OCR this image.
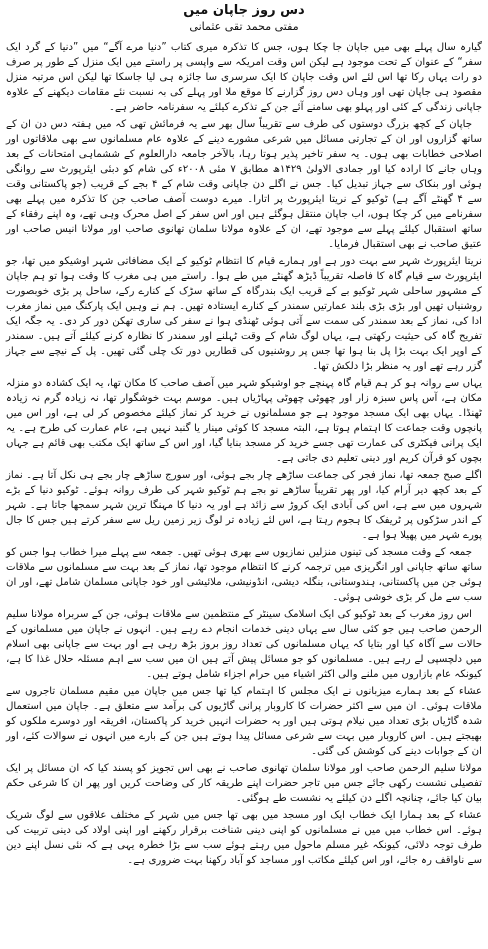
دس روز جاپان میں
مفتی محمد تقی عثمانی

گیارہ سال پہلے بھی میں جاپان جا چکا ہوں، جس کا تذکرہ میری کتاب ”دنیا مرے آگے“ میں ”دنیا کے گرد ایک سفر“ کے عنوان کے تحت موجود ہے لیکن اس وقت امریکہ سے واپسی پر راستے میں ایک منزل کے طور پر صرف دو رات یہاں رکا تھا اس لئے اس وقت جاپان کا ایک سرسری سا جائزہ ہی لیا جاسکا تھا لیکن اس مرتبہ منزل مقصود ہی جاپان تھی اور وہاں دس روز گزارنے کا موقع ملا اور پہلے کی بہ نسبت نئے مقامات دیکھنے کے علاوہ جاپانی زندگی کے کئی اور پہلو بھی سامنے آئے جن کے تذکرے کیلئے یہ سفرنامہ حاضر ہے۔

جاپان کے کچھ بزرگ دوستوں کی طرف سے تقریباً سال بھر سے یہ فرمائش تھی کہ میں ہفتہ دس دن ان کے ساتھ گزاروں اور ان کے تجارتی مسائل میں شرعی مشورے دینے کے علاوہ عام مسلمانوں سے بھی ملاقاتوں اور اصلاحی خطابات بھی ہوں۔ یہ سفر تاخیر پذیر ہوتا رہا، بالآخر جامعہ دارالعلوم کے ششماہی امتحانات کے بعد وہاں جانے کا ارادہ کیا اور جمادی الاولیٰ ۱۴۲۹ھ مطابق ۷ مئی ۲۰۰۸ء کی شام کو دبئی ایئرپورٹ سے روانگی ہوئی اور بنکاک سے جہاز تبدیل کیا۔ جس نے اگلے دن جاپانی وقت شام کے ۴ بجے کے قریب (جو پاکستانی وقت سے ۴ گھنٹے آگے ہے) ٹوکیو کے نریتا ایئرپورٹ پر اتارا۔ میرے دوست آصف صاحب جن کا تذکرہ میں پہلے بھی سفرنامے میں کر چکا ہوں، اب جاپان منتقل ہوگئے ہیں اور اس سفر کے اصل محرک وہی تھے، وہ اپنے رفقاء کے ساتھ استقبال کیلئے پہلے سے موجود تھے، ان کے علاوہ مولانا سلمان تھانوی صاحب اور مولانا انیس صاحب اور عتیق صاحب نے بھی استقبال فرمایا۔

نریتا ایئرپورٹ شہر سے بہت دور ہے اور ہمارے قیام کا انتظام ٹوکیو کے ایک مضافاتی شہر اوشیکو میں تھا، جو ایئرپورٹ سے قیام گاہ کا فاصلہ تقریباً ڈیڑھ گھنٹے میں طے ہوا۔ راستے میں ہی مغرب کا وقت ہوا تو ہم جاپان کے مشہور ساحلی شہر ٹوکیو بے کے قریب ایک بندرگاہ کے ساتھ سڑک کے کنارے رکے، ساحل پر بڑی خوبصورت روشنیاں تھیں اور بڑی بڑی بلند عمارتیں سمندر کے کنارے ایستادہ تھیں۔ ہم نے وہیں ایک پارکنگ میں نماز مغرب ادا کی، نماز کے بعد سمندر کی سمت سے آتی ہوئی ٹھنڈی ہوا نے سفر کی ساری تھکن دور کر دی۔ یہ جگہ ایک تفریح گاہ کی حیثیت رکھتی ہے، یہاں لوگ شام کے وقت ٹہلنے اور سمندر کا نظارہ کرنے کیلئے آتے ہیں۔ سمندر کے اوپر ایک بہت بڑا پل بنا ہوا تھا جس پر روشنیوں کی قطاریں دور تک چلی گئی تھیں۔ پل کے نیچے سے جہاز گزر رہے تھے اور یہ منظر بڑا دلکش تھا۔

یہاں سے روانہ ہو کر ہم قیام گاہ پہنچے جو اوشیکو شہر میں آصف صاحب کا مکان تھا، یہ ایک کشادہ دو منزلہ مکان ہے، آس پاس سبزہ زار اور چھوٹی چھوٹی پہاڑیاں ہیں۔ موسم بہت خوشگوار تھا، نہ زیادہ گرم نہ زیادہ ٹھنڈا۔ یہاں بھی ایک مسجد موجود ہے جو مسلمانوں نے خرید کر نماز کیلئے مخصوص کر لی ہے، اور اس میں پانچوں وقت جماعت کا اہتمام ہوتا ہے، البتہ مسجد کا کوئی مینار یا گنبد نہیں ہے، عام عمارت کی طرح ہے۔ یہ ایک پرانی فیکٹری کی عمارت تھی جسے خرید کر مسجد بنایا گیا، اور اس کے ساتھ ایک مکتب بھی قائم ہے جہاں بچوں کو قرآن کریم اور دینی تعلیم دی جاتی ہے۔

اگلے صبح جمعہ تھا، نماز فجر کی جماعت ساڑھے چار بجے ہوئی، اور سورج ساڑھے چار بجے ہی نکل آتا ہے۔ نماز کے بعد کچھ دیر آرام کیا، اور پھر تقریباً ساڑھے نو بجے ہم ٹوکیو شہر کی طرف روانہ ہوئے۔ ٹوکیو دنیا کے بڑے شہروں میں سے ہے، اس کی آبادی ایک کروڑ سے زائد ہے اور یہ دنیا کا مہنگا ترین شہر سمجھا جاتا ہے۔ شہر کے اندر سڑکوں پر ٹریفک کا ہجوم رہتا ہے، اس لئے زیادہ تر لوگ زیر زمین ریل سے سفر کرتے ہیں جس کا جال پورے شہر میں پھیلا ہوا ہے۔

جمعہ کے وقت مسجد کی تینوں منزلیں نمازیوں سے بھری ہوئی تھیں۔ جمعہ سے پہلے میرا خطاب ہوا جس کو ساتھ ساتھ جاپانی اور انگریزی میں ترجمہ کرنے کا انتظام موجود تھا، نماز کے بعد بہت سے مسلمانوں سے ملاقات ہوئی جن میں پاکستانی، ہندوستانی، بنگلہ دیشی، انڈونیشی، ملائیشی اور خود جاپانی مسلمان شامل تھے، اور ان سب سے مل کر بڑی خوشی ہوئی۔

اس روز مغرب کے بعد ٹوکیو کی ایک اسلامک سینٹر کے منتظمین سے ملاقات ہوئی، جن کے سربراہ مولانا سلیم الرحمن صاحب ہیں جو کئی سال سے یہاں دینی خدمات انجام دے رہے ہیں۔ انہوں نے جاپان میں مسلمانوں کے حالات سے آگاہ کیا اور بتایا کہ یہاں مسلمانوں کی تعداد روز بروز بڑھ رہی ہے اور بہت سے جاپانی بھی اسلام میں دلچسپی لے رہے ہیں۔ مسلمانوں کو جو مسائل پیش آتے ہیں ان میں سب سے اہم مسئلہ حلال غذا کا ہے، کیونکہ عام بازاروں میں ملنے والی اکثر اشیاء میں حرام اجزاء شامل ہوتے ہیں۔

عشاء کے بعد ہمارے میزبانوں نے ایک مجلس کا اہتمام کیا تھا جس میں جاپان میں مقیم مسلمان تاجروں سے ملاقات ہوئی۔ ان میں سے اکثر حضرات کا کاروبار پرانی گاڑیوں کی برآمد سے متعلق ہے۔ جاپان میں استعمال شدہ گاڑیاں بڑی تعداد میں نیلام ہوتی ہیں اور یہ حضرات انہیں خرید کر پاکستان، افریقہ اور دوسرے ملکوں کو بھیجتے ہیں۔ اس کاروبار میں بہت سے شرعی مسائل پیدا ہوتے ہیں جن کے بارے میں انہوں نے سوالات کئے، اور ان کے جوابات دینے کی کوشش کی گئی۔

مولانا سلیم الرحمن صاحب اور مولانا سلمان تھانوی صاحب نے بھی اس تجویز کو پسند کیا کہ ان مسائل پر ایک تفصیلی نشست رکھی جائے جس میں تاجر حضرات اپنے طریقہ کار کی وضاحت کریں اور پھر ان کا شرعی حکم بیان کیا جائے، چنانچہ اگلے دن کیلئے یہ نشست طے ہوگئی۔

عشاء کے بعد ہمارا ایک خطاب ایک اور مسجد میں بھی تھا جس میں شہر کے مختلف علاقوں سے لوگ شریک ہوئے۔ اس خطاب میں میں نے مسلمانوں کو اپنی دینی شناخت برقرار رکھنے اور اپنی اولاد کی دینی تربیت کی طرف توجہ دلائی، کیونکہ غیر مسلم ماحول میں رہتے ہوئے سب سے بڑا خطرہ یہی ہے کہ نئی نسل اپنے دین سے ناواقف رہ جائے، اور اس کیلئے مکاتب اور مساجد کو آباد رکھنا بہت ضروری ہے۔
